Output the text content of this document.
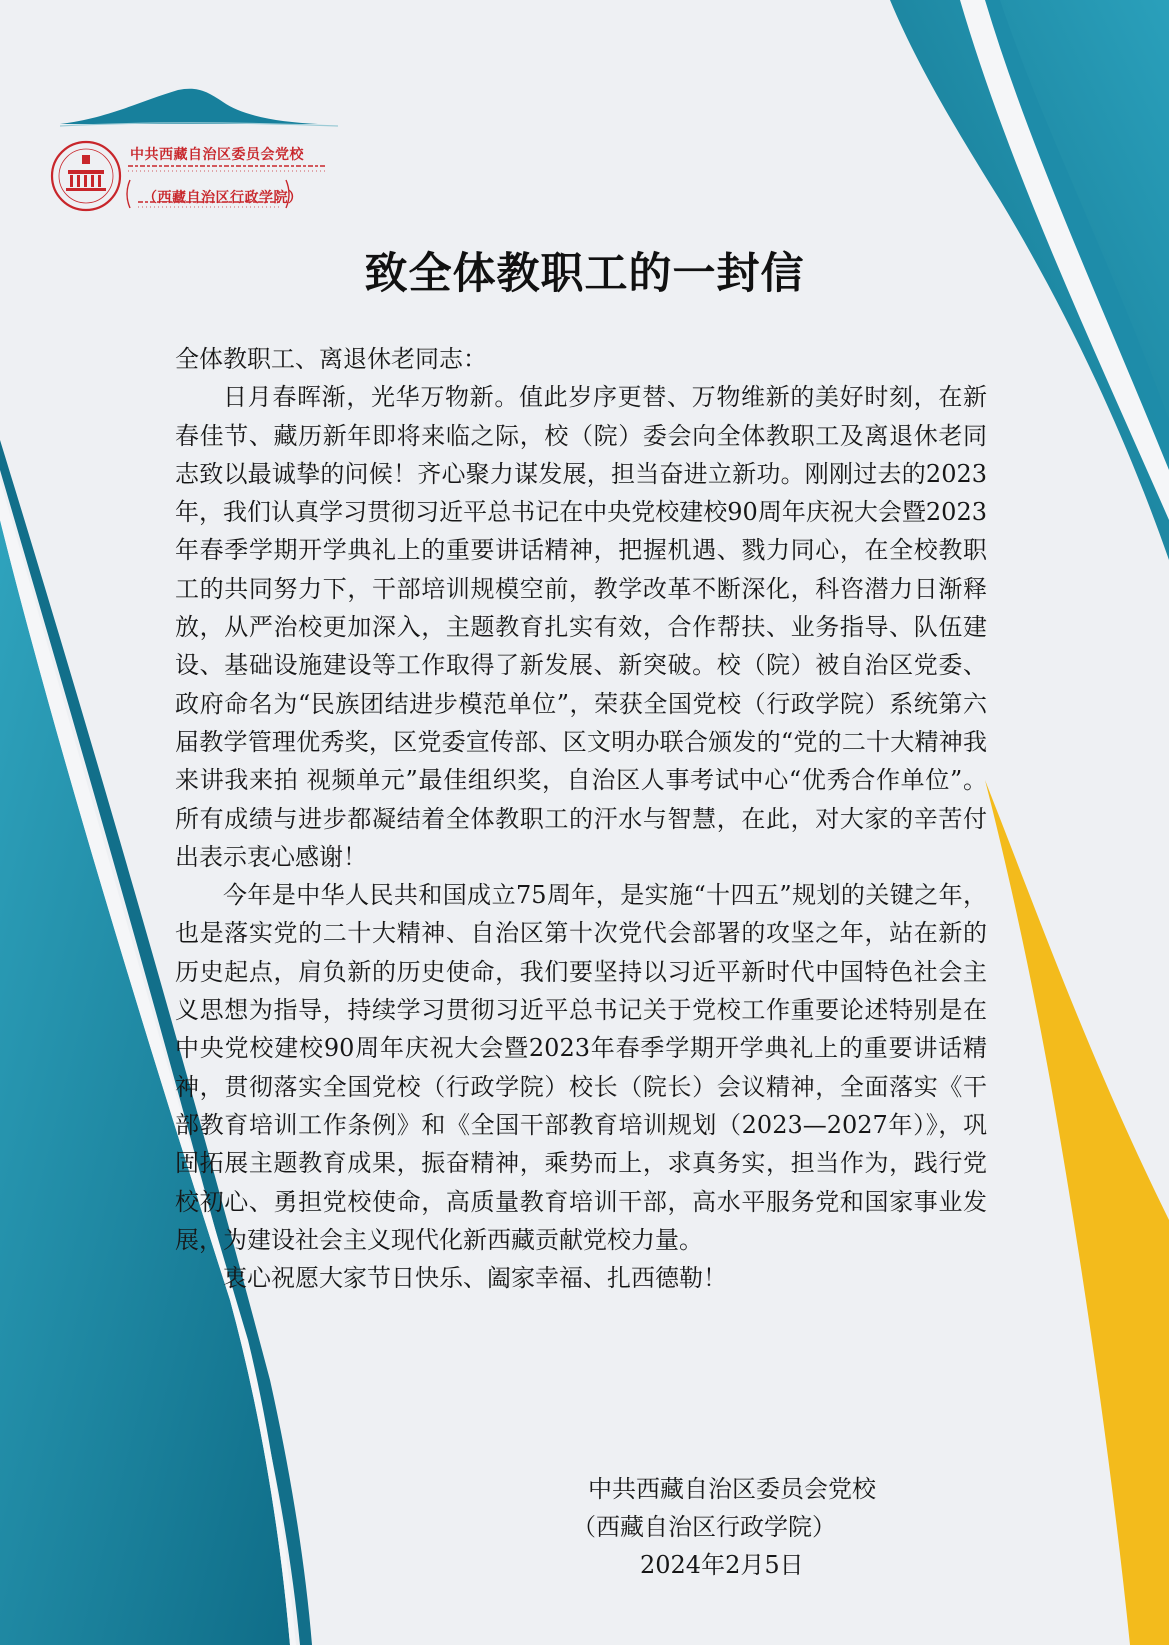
中共西藏自治区委员会党校
（西藏自治区行政学院）
致全体教职工的一封信

全体教职工、离退休老同志：

日月春晖渐，光华万物新。值此岁序更替、万物维新的美好时刻，在新春佳节、藏历新年即将来临之际，校（院）委会向全体教职工及离退休老同志致以最诚挚的问候！齐心聚力谋发展，担当奋进立新功。刚刚过去的2023年，我们认真学习贯彻习近平总书记在中央党校建校90周年庆祝大会暨2023年春季学期开学典礼上的重要讲话精神，把握机遇、戮力同心，在全校教职工的共同努力下，干部培训规模空前，教学改革不断深化，科咨潜力日渐释放，从严治校更加深入，主题教育扎实有效，合作帮扶、业务指导、队伍建设、基础设施建设等工作取得了新发展、新突破。校（院）被自治区党委、政府命名为“民族团结进步模范单位”，荣获全国党校（行政学院）系统第六届教学管理优秀奖，区党委宣传部、区文明办联合颁发的“党的二十大精神我来讲我来拍 视频单元”最佳组织奖，自治区人事考试中心“优秀合作单位”。所有成绩与进步都凝结着全体教职工的汗水与智慧，在此，对大家的辛苦付出表示衷心感谢！

今年是中华人民共和国成立75周年，是实施“十四五”规划的关键之年，也是落实党的二十大精神、自治区第十次党代会部署的攻坚之年，站在新的历史起点，肩负新的历史使命，我们要坚持以习近平新时代中国特色社会主义思想为指导，持续学习贯彻习近平总书记关于党校工作重要论述特别是在中央党校建校90周年庆祝大会暨2023年春季学期开学典礼上的重要讲话精神，贯彻落实全国党校（行政学院）校长（院长）会议精神，全面落实《干部教育培训工作条例》和《全国干部教育培训规划（2023—2027年）》，巩固拓展主题教育成果，振奋精神，乘势而上，求真务实，担当作为，践行党校初心、勇担党校使命，高质量教育培训干部，高水平服务党和国家事业发展，为建设社会主义现代化新西藏贡献党校力量。

衷心祝愿大家节日快乐、阖家幸福、扎西德勒！

中共西藏自治区委员会党校
（西藏自治区行政学院）
2024年2月5日
